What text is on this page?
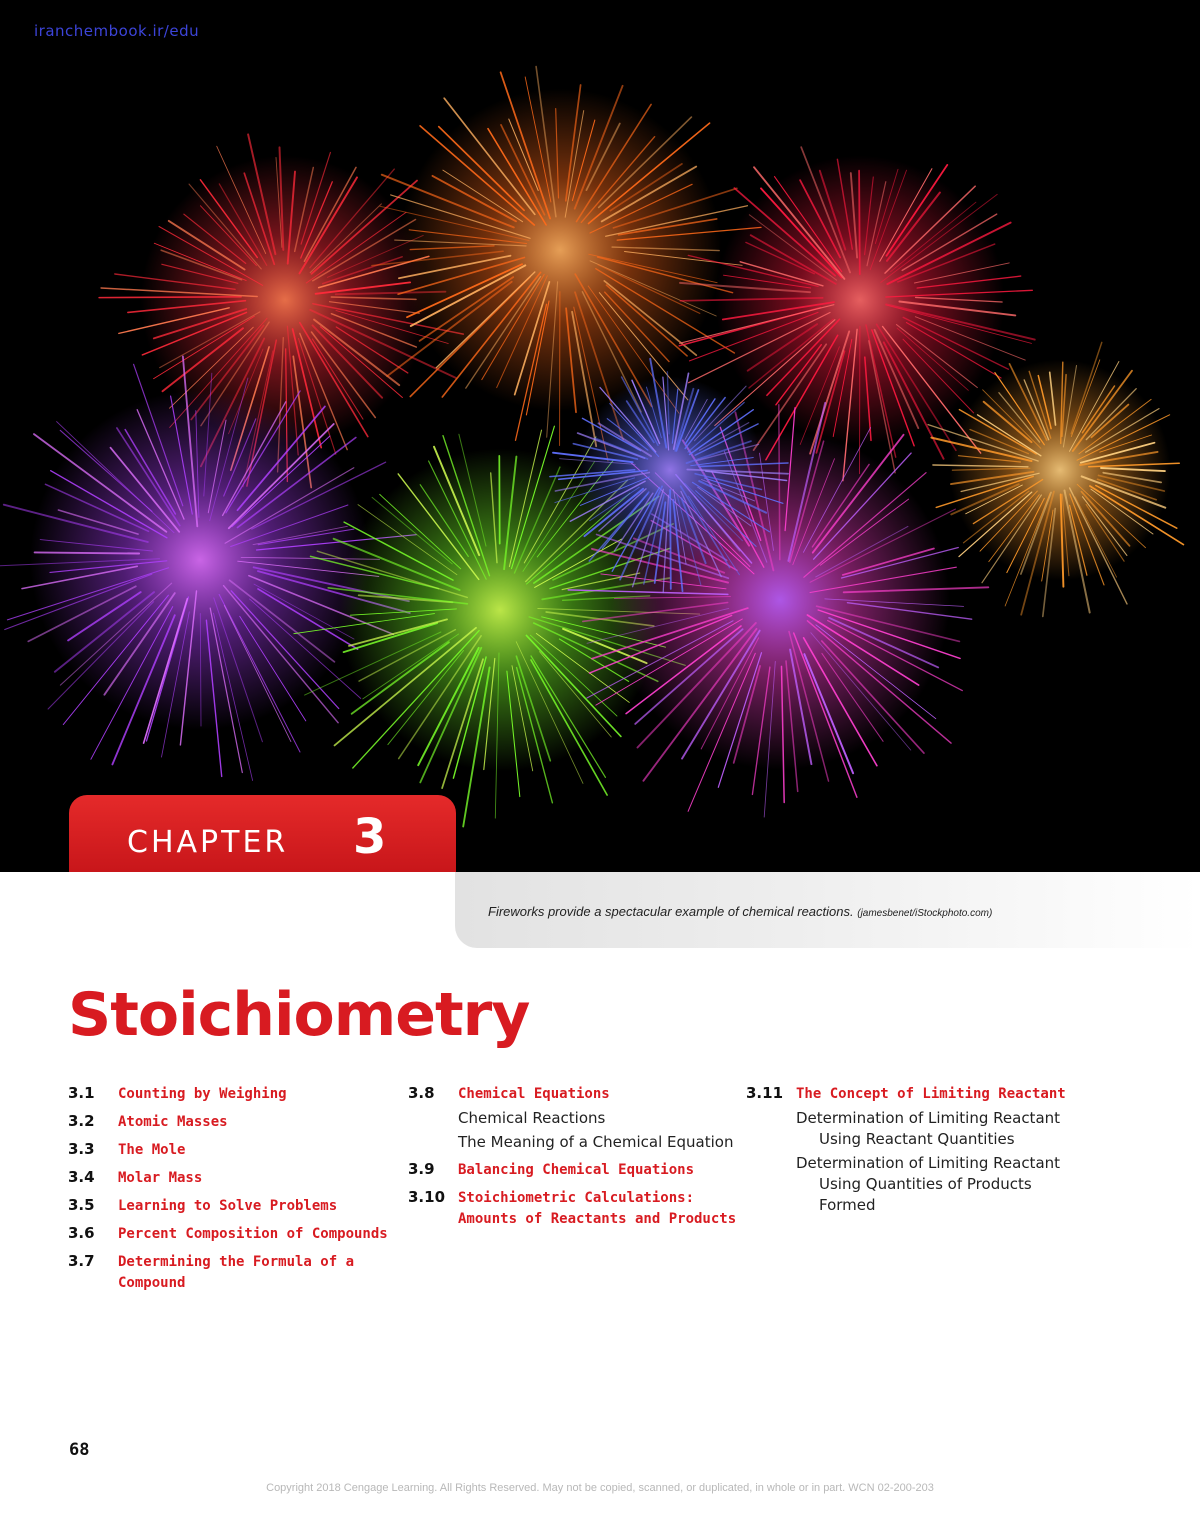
iranchembook.ir/edu
CHAPTER 3
Fireworks provide a spectacular example of chemical reactions. (jamesbenet/iStockphoto.com)
Stoichiometry
3.1 Counting by Weighing
3.2 Atomic Masses
3.3 The Mole
3.4 Molar Mass
3.5 Learning to Solve Problems
3.6 Percent Composition of Compounds
3.7 Determining the Formula of a Compound
3.8 Chemical Equations
Chemical Reactions
The Meaning of a Chemical Equation
3.9 Balancing Chemical Equations
3.10 Stoichiometric Calculations: Amounts of Reactants and Products
3.11 The Concept of Limiting Reactant
Determination of Limiting Reactant Using Reactant Quantities
Determination of Limiting Reactant Using Quantities of Products Formed
68
Copyright 2018 Cengage Learning. All Rights Reserved. May not be copied, scanned, or duplicated, in whole or in part. WCN 02-200-203
